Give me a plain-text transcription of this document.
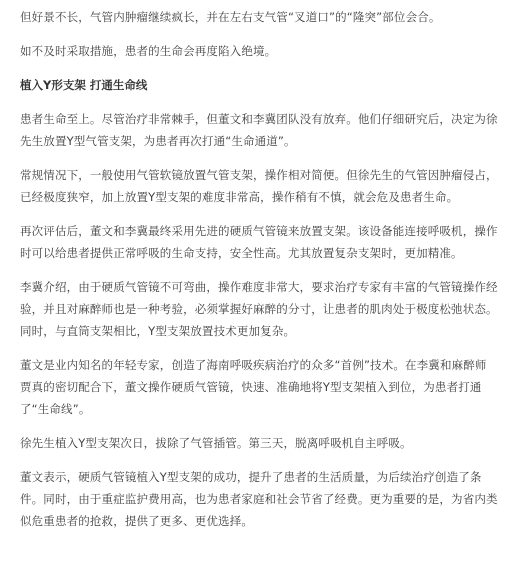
但好景不长，气管内肿瘤继续疯长，并在左右支气管“叉道口”的“隆突”部位会合。

如不及时采取措施，患者的生命会再度陷入绝境。

植入Y形支架 打通生命线

患者生命至上。尽管治疗非常棘手，但董文和李冀团队没有放弃。他们仔细研究后，决定为徐先生放置Y型气管支架，为患者再次打通“生命通道”。

常规情况下，一般使用气管软镜放置气管支架，操作相对简便。但徐先生的气管因肿瘤侵占，已经极度狭窄，加上放置Y型支架的难度非常高，操作稍有不慎，就会危及患者生命。

再次评估后，董文和李冀最终采用先进的硬质气管镜来放置支架。该设备能连接呼吸机，操作时可以给患者提供正常呼吸的生命支持，安全性高。尤其放置复杂支架时，更加精准。

李冀介绍，由于硬质气管镜不可弯曲，操作难度非常大，要求治疗专家有丰富的气管镜操作经验，并且对麻醉师也是一种考验，必须掌握好麻醉的分寸，让患者的肌肉处于极度松弛状态。同时，与直筒支架相比，Y型支架放置技术更加复杂。

董文是业内知名的年轻专家，创造了海南呼吸疾病治疗的众多“首例”技术。在李冀和麻醉师贾真的密切配合下，董文操作硬质气管镜，快速、准确地将Y型支架植入到位，为患者打通了“生命线”。

徐先生植入Y型支架次日，拔除了气管插管。第三天，脱离呼吸机自主呼吸。

董文表示，硬质气管镜植入Y型支架的成功，提升了患者的生活质量，为后续治疗创造了条件。同时，由于重症监护费用高，也为患者家庭和社会节省了经费。更为重要的是，为省内类似危重患者的抢救，提供了更多、更优选择。
